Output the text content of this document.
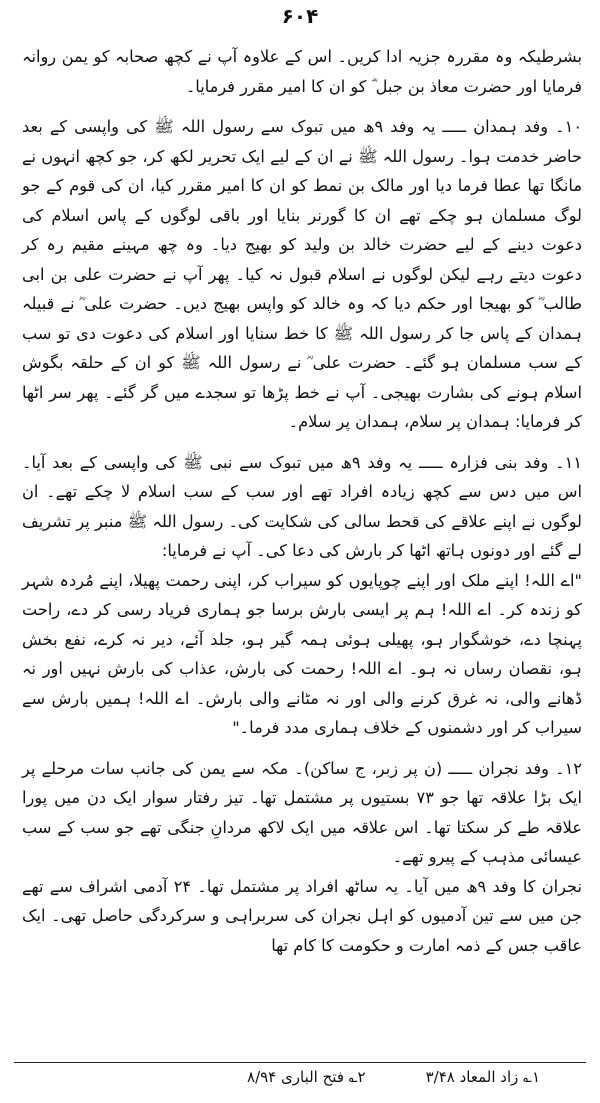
۶۰۴

بشرطیکہ وہ مقررہ جزیہ ادا کریں۔ اس کے علاوہ آپ نے کچھ صحابہ کو یمن روانہ فرمایا اور حضرت معاذ بن جبل ؓ کو ان کا امیر مقرر فرمایا۔

۱۰۔ وفد ہمدان ـــــ یہ وفد ۹ھ میں تبوک سے رسول اللہ ﷺ کی واپسی کے بعد حاضر خدمت ہوا۔ رسول اللہ ﷺ نے ان کے لیے ایک تحریر لکھ کر، جو کچھ انہوں نے مانگا تھا عطا فرما دیا اور مالک بن نمط کو ان کا امیر مقرر کیا، ان کی قوم کے جو لوگ مسلمان ہو چکے تھے ان کا گورنر بنایا اور باقی لوگوں کے پاس اسلام کی دعوت دینے کے لیے حضرت خالد بن ولید کو بھیج دیا۔ وہ چھ مہینے مقیم رہ کر دعوت دیتے رہے لیکن لوگوں نے اسلام قبول نہ کیا۔ پھر آپ نے حضرت علی بن ابی طالب ؓ کو بھیجا اور حکم دیا کہ وہ خالد کو واپس بھیج دیں۔ حضرت علی ؓ نے قبیلہ ہمدان کے پاس جا کر رسول اللہ ﷺ کا خط سنایا اور اسلام کی دعوت دی تو سب کے سب مسلمان ہو گئے۔ حضرت علی ؓ نے رسول اللہ ﷺ کو ان کے حلقہ بگوش اسلام ہونے کی بشارت بھیجی۔ آپ نے خط پڑھا تو سجدے میں گر گئے۔ پھر سر اٹھا کر فرمایا: ہمدان پر سلام، ہمدان پر سلام۔

۱۱۔ وفد بنی فزارہ ـــــ یہ وفد ۹ھ میں تبوک سے نبی ﷺ کی واپسی کے بعد آیا۔ اس میں دس سے کچھ زیادہ افراد تھے اور سب کے سب اسلام لا چکے تھے۔ ان لوگوں نے اپنے علاقے کی قحط سالی کی شکایت کی۔ رسول اللہ ﷺ منبر پر تشریف لے گئے اور دونوں ہاتھ اٹھا کر بارش کی دعا کی۔ آپ نے فرمایا:

"اے اللہ! اپنے ملک اور اپنے چوپایوں کو سیراب کر، اپنی رحمت پھیلا، اپنے مُردہ شہر کو زندہ کر۔ اے اللہ! ہم پر ایسی بارش برسا جو ہماری فریاد رسی کر دے، راحت پہنچا دے، خوشگوار ہو، پھیلی ہوئی ہمہ گیر ہو، جلد آئے، دیر نہ کرے، نفع بخش ہو، نقصان رساں نہ ہو۔ اے اللہ! رحمت کی بارش، عذاب کی بارش نہیں اور نہ ڈھانے والی، نہ غرق کرنے والی اور نہ مٹانے والی بارش۔ اے اللہ! ہمیں بارش سے سیراب کر اور دشمنوں کے خلاف ہماری مدد فرما۔"

۱۲۔ وفد نجران ـــــ (ن پر زبر، ج ساکن)۔ مکہ سے یمن کی جانب سات مرحلے پر ایک بڑا علاقہ تھا جو ۷۳ بستیوں پر مشتمل تھا۔ تیز رفتار سوار ایک دن میں پورا علاقہ طے کر سکتا تھا۔ اس علاقہ میں ایک لاکھ مردانِ جنگی تھے جو سب کے سب عیسائی مذہب کے پیرو تھے۔

نجران کا وفد ۹ھ میں آیا۔ یہ ساٹھ افراد پر مشتمل تھا۔ ۲۴ آدمی اشراف سے تھے جن میں سے تین آدمیوں کو اہل نجران کی سربراہی و سرکردگی حاصل تھی۔ ایک عاقب جس کے ذمہ امارت و حکومت کا کام تھا

۱؎ زاد المعاد ۳/۴۸
۲؎ فتح الباری ۸/۹۴
